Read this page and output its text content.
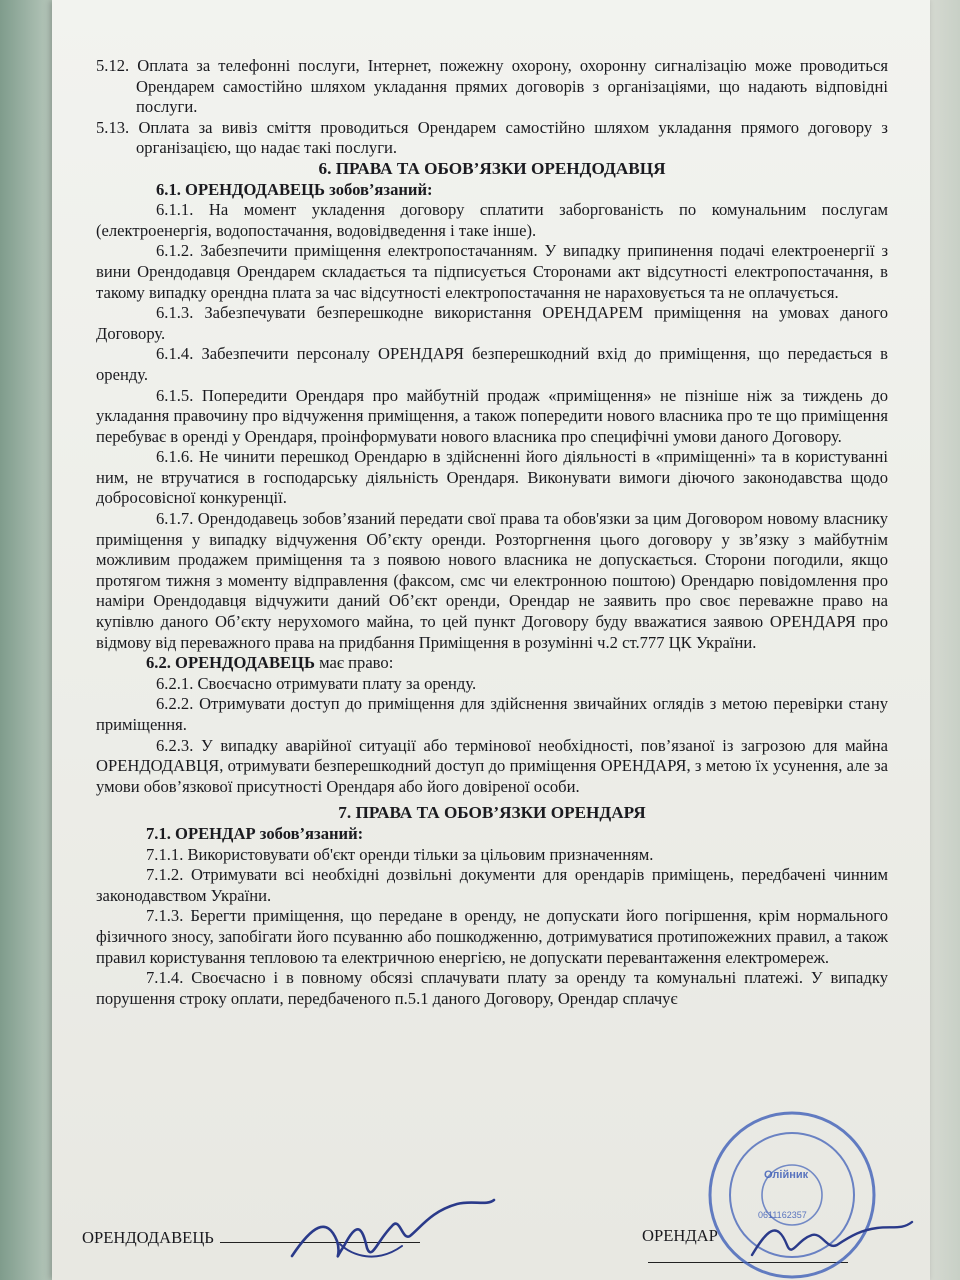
5.12. Оплата за телефонні послуги, Інтернет, пожежну охорону, охоронну сигналізацію може проводиться Орендарем самостійно шляхом укладання прямих договорів з організаціями, що надають відповідні послуги.

5.13. Оплата за вивіз сміття проводиться Орендарем самостійно шляхом укладання прямого договору з організацією, що надає такі послуги.

6. ПРАВА ТА ОБОВ’ЯЗКИ ОРЕНДОДАВЦЯ

6.1. ОРЕНДОДАВЕЦЬ зобов’язаний:

6.1.1. На момент укладення договору сплатити заборгованість по комунальним послугам (електроенергія, водопостачання, водовідведення і таке інше).

6.1.2. Забезпечити приміщення електропостачанням. У випадку припинення подачі електроенергії з вини Орендодавця Орендарем складається та підписується Сторонами акт відсутності електропостачання, в такому випадку орендна плата за час відсутності електропостачання не нараховується та не оплачується.

6.1.3. Забезпечувати безперешкодне використання ОРЕНДАРЕМ приміщення на умовах даного Договору.

6.1.4. Забезпечити персоналу ОРЕНДАРЯ безперешкодний вхід до приміщення, що передається в оренду.

6.1.5. Попередити Орендаря про майбутній продаж «приміщення» не пізніше ніж за тиждень до укладання правочину про відчуження приміщення, а також попередити нового власника про те що приміщення перебуває в оренді у Орендаря, проінформувати нового власника про специфічні умови даного Договору.

6.1.6. Не чинити перешкод Орендарю в здійсненні його діяльності в «приміщенні» та в користуванні ним, не втручатися в господарську діяльність Орендаря. Виконувати вимоги діючого законодавства щодо добросовісної конкуренції.

6.1.7. Орендодавець зобов’язаний передати свої права та обов'язки за цим Договором новому власнику приміщення у випадку відчуження Об’єкту оренди. Розторгнення цього договору у зв’язку з майбутнім можливим продажем приміщення та з появою нового власника не допускається. Сторони погодили, якщо протягом тижня з моменту відправлення (факсом, смс чи електронною поштою) Орендарю повідомлення про наміри Орендодавця відчужити даний Об’єкт оренди, Орендар не заявить про своє переважне право на купівлю даного Об’єкту нерухомого майна, то цей пункт Договору буду вважатися заявою ОРЕНДАРЯ про відмову від переважного права на придбання Приміщення в розумінні ч.2 ст.777 ЦК України.

6.2. ОРЕНДОДАВЕЦЬ має право:

6.2.1. Своєчасно отримувати плату за оренду.

6.2.2. Отримувати доступ до приміщення для здійснення звичайних оглядів з метою перевірки стану приміщення.

6.2.3. У випадку аварійної ситуації або термінової необхідності, пов’язаної із загрозою для майна ОРЕНДОДАВЦЯ, отримувати безперешкодний доступ до приміщення ОРЕНДАРЯ, з метою їх усунення, але за умови обов’язкової присутності Орендаря або його довіреної особи.

7. ПРАВА ТА ОБОВ’ЯЗКИ ОРЕНДАРЯ

7.1. ОРЕНДАР зобов’язаний:

7.1.1. Використовувати об'єкт оренди тільки за цільовим призначенням.

7.1.2. Отримувати всі необхідні дозвільні документи для орендарів приміщень, передбачені чинним законодавством України.

7.1.3. Берегти приміщення, що передане в оренду, не допускати його погіршення, крім нормального фізичного зносу, запобігати його псуванню або пошкодженню, дотримуватися протипожежних правил, а також правил користування тепловою та електричною енергією, не допускати перевантаження електромереж.

7.1.4. Своєчасно і в повному обсязі сплачувати плату за оренду та комунальні платежі. У випадку порушення строку оплати, передбаченого п.5.1 даного Договору, Орендар сплачує

ОРЕНДОДАВЕЦЬ	ОРЕНДАР
Олійник
0611162357
